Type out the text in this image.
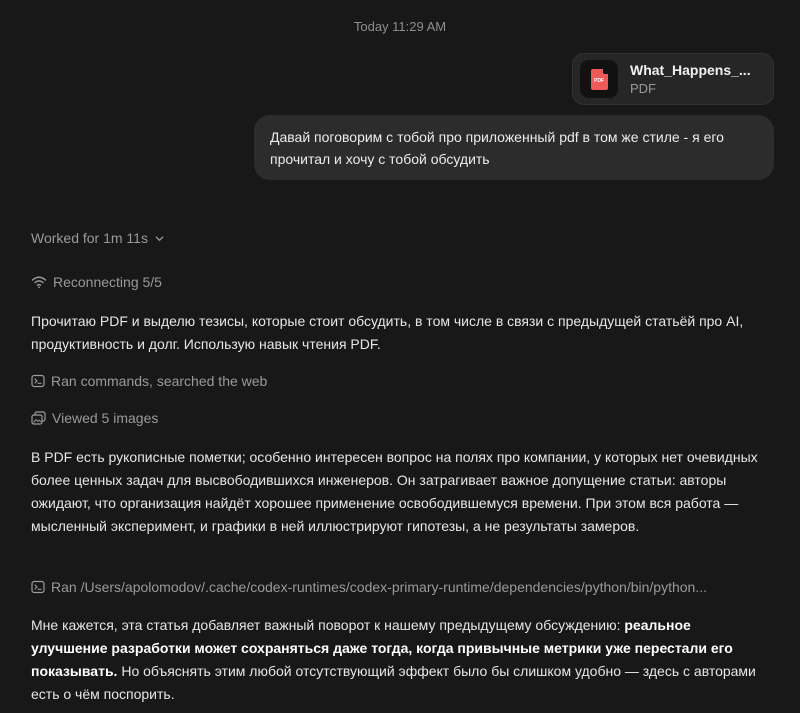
Today 11:29 AM
PDF
What_Happens_...
PDF
Давай поговорим с тобой про приложенный pdf в том же стиле - я его прочитал и хочу с тобой обсудить
Worked for 1m 11s
Reconnecting 5/5
Прочитаю PDF и выделю тезисы, которые стоит обсудить, в том числе в связи с предыдущей статьёй про AI, продуктивность и долг. Использую навык чтения PDF.
Ran commands, searched the web
Viewed 5 images
В PDF есть рукописные пометки; особенно интересен вопрос на полях про компании, у которых нет очевидных более ценных задач для высвободившихся инженеров. Он затрагивает важное допущение статьи: авторы ожидают, что организация найдёт хорошее применение освободившемуся времени. При этом вся работа — мысленный эксперимент, и графики в ней иллюстрируют гипотезы, а не результаты замеров.
Ran /Users/apolomodov/.cache/codex-runtimes/codex-primary-runtime/dependencies/python/bin/python...
Мне кажется, эта статья добавляет важный поворот к нашему предыдущему обсуждению: реальное улучшение разработки может сохраняться даже тогда, когда привычные метрики уже перестали его показывать. Но объяснять этим любой отсутствующий эффект было бы слишком удобно — здесь с авторами есть о чём поспорить.
